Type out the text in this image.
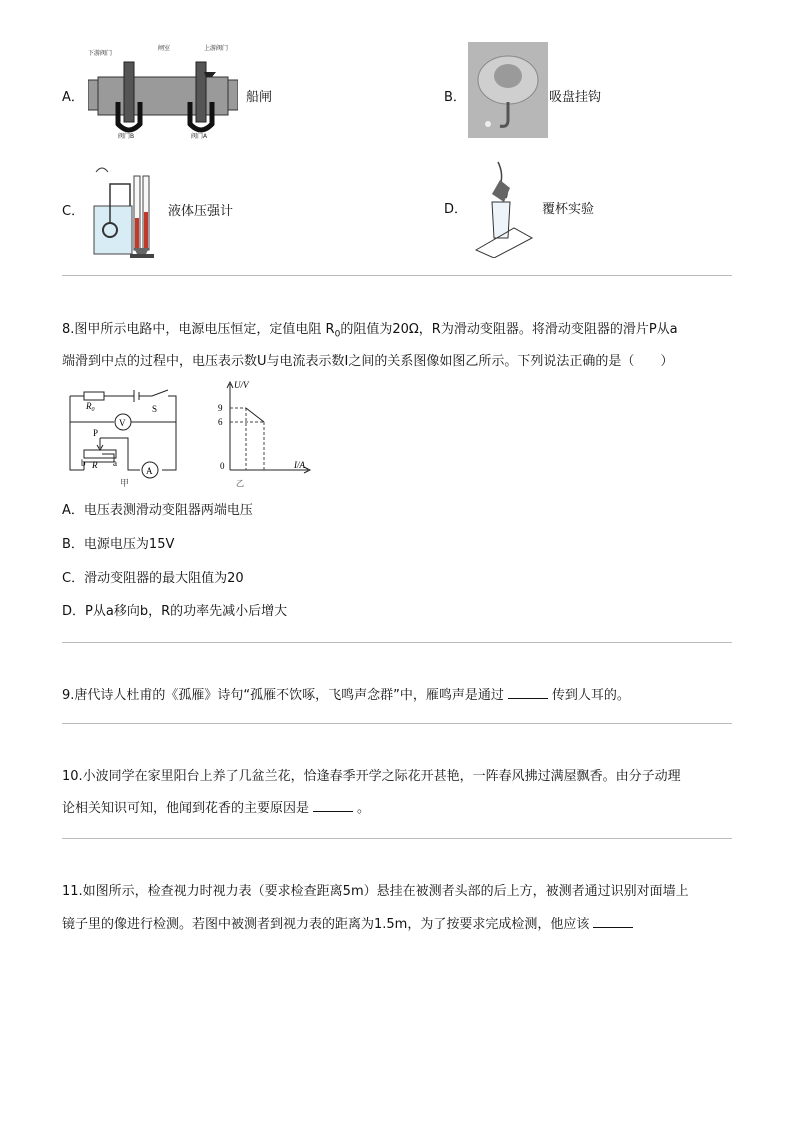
A．
下游阀门
闸室	上游阀门
阀门B	阀门A
船闸	B．	吸盘挂钩
C．	液体压强计	D．	覆杯实验
8.图甲所示电路中，电源电压恒定，定值电阻 $R_0$的阻值为20Ω，R为滑动变阻器。将滑动变阻器的滑片P从a
端滑到中点的过程中，电压表示数U与电流表示数I之间的关系图像如图乙所示。下列说法正确的是（　　）
$R_0$	S
V
P
b	a
R
A
甲
U/V
I/A
9
6
0
乙
A．电压表测滑动变阻器两端电压
B．电源电压为15V
C．滑动变阻器的最大阻值为20
D．P从a移向b，R的功率先减小后增大
9.唐代诗人杜甫的《孤雁》诗句“孤雁不饮啄，飞鸣声念群”中，雁鸣声是通过	传到人耳的。
10.小波同学在家里阳台上养了几盆兰花，恰逢春季开学之际花开甚艳，一阵春风拂过满屋飘香。由分子动理
论相关知识可知，他闻到花香的主要原因是	。
11.如图所示，检查视力时视力表（要求检查距离5m）悬挂在被测者头部的后上方，被测者通过识别对面墙上
镜子里的像进行检测。若图中被测者到视力表的距离为1.5m，为了按要求完成检测，他应该
